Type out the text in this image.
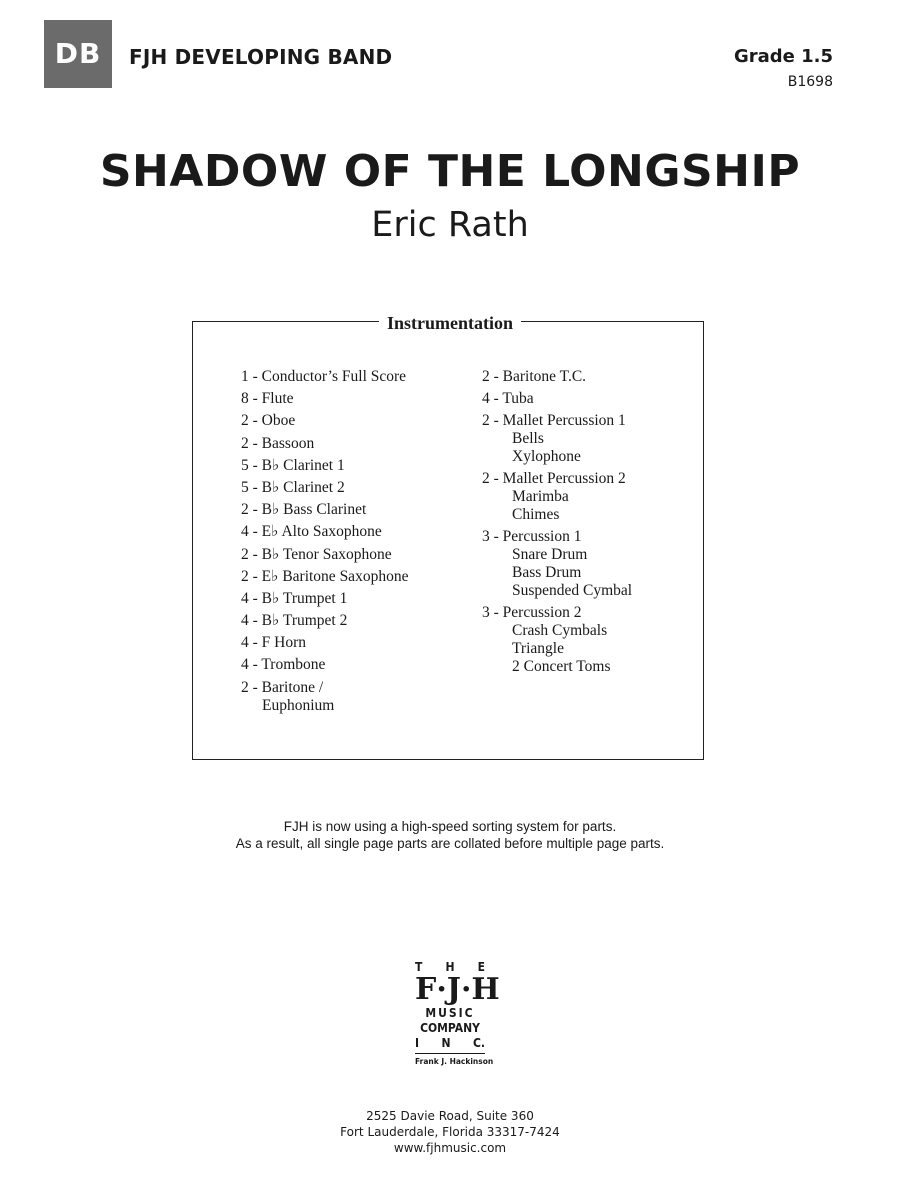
DB	FJH DEVELOPING BAND	Grade 1.5
B1698
SHADOW OF THE LONGSHIP
Eric Rath
Instrumentation
1 - Conductor’s Full Score
8 - Flute
2 - Oboe
2 - Bassoon
5 - B♭ Clarinet 1
5 - B♭ Clarinet 2
2 - B♭ Bass Clarinet
4 - E♭ Alto Saxophone
2 - B♭ Tenor Saxophone
2 - E♭ Baritone Saxophone
4 - B♭ Trumpet 1
4 - B♭ Trumpet 2
4 - F Horn
4 - Trombone
2 - Baritone /
Euphonium
2 - Baritone T.C.
4 - Tuba
2 - Mallet Percussion 1
Bells
Xylophone
2 - Mallet Percussion 2
Marimba
Chimes
3 - Percussion 1
Snare Drum
Bass Drum
Suspended Cymbal
3 - Percussion 2
Crash Cymbals
Triangle
2 Concert Toms
FJH is now using a high-speed sorting system for parts.
As a result, all single page parts are collated before multiple page parts.
T H E
F · J · H
MUSIC
COMPANY
I N C.
Frank J. Hackinson
2525 Davie Road, Suite 360
Fort Lauderdale, Florida 33317-7424
www.fjhmusic.com
